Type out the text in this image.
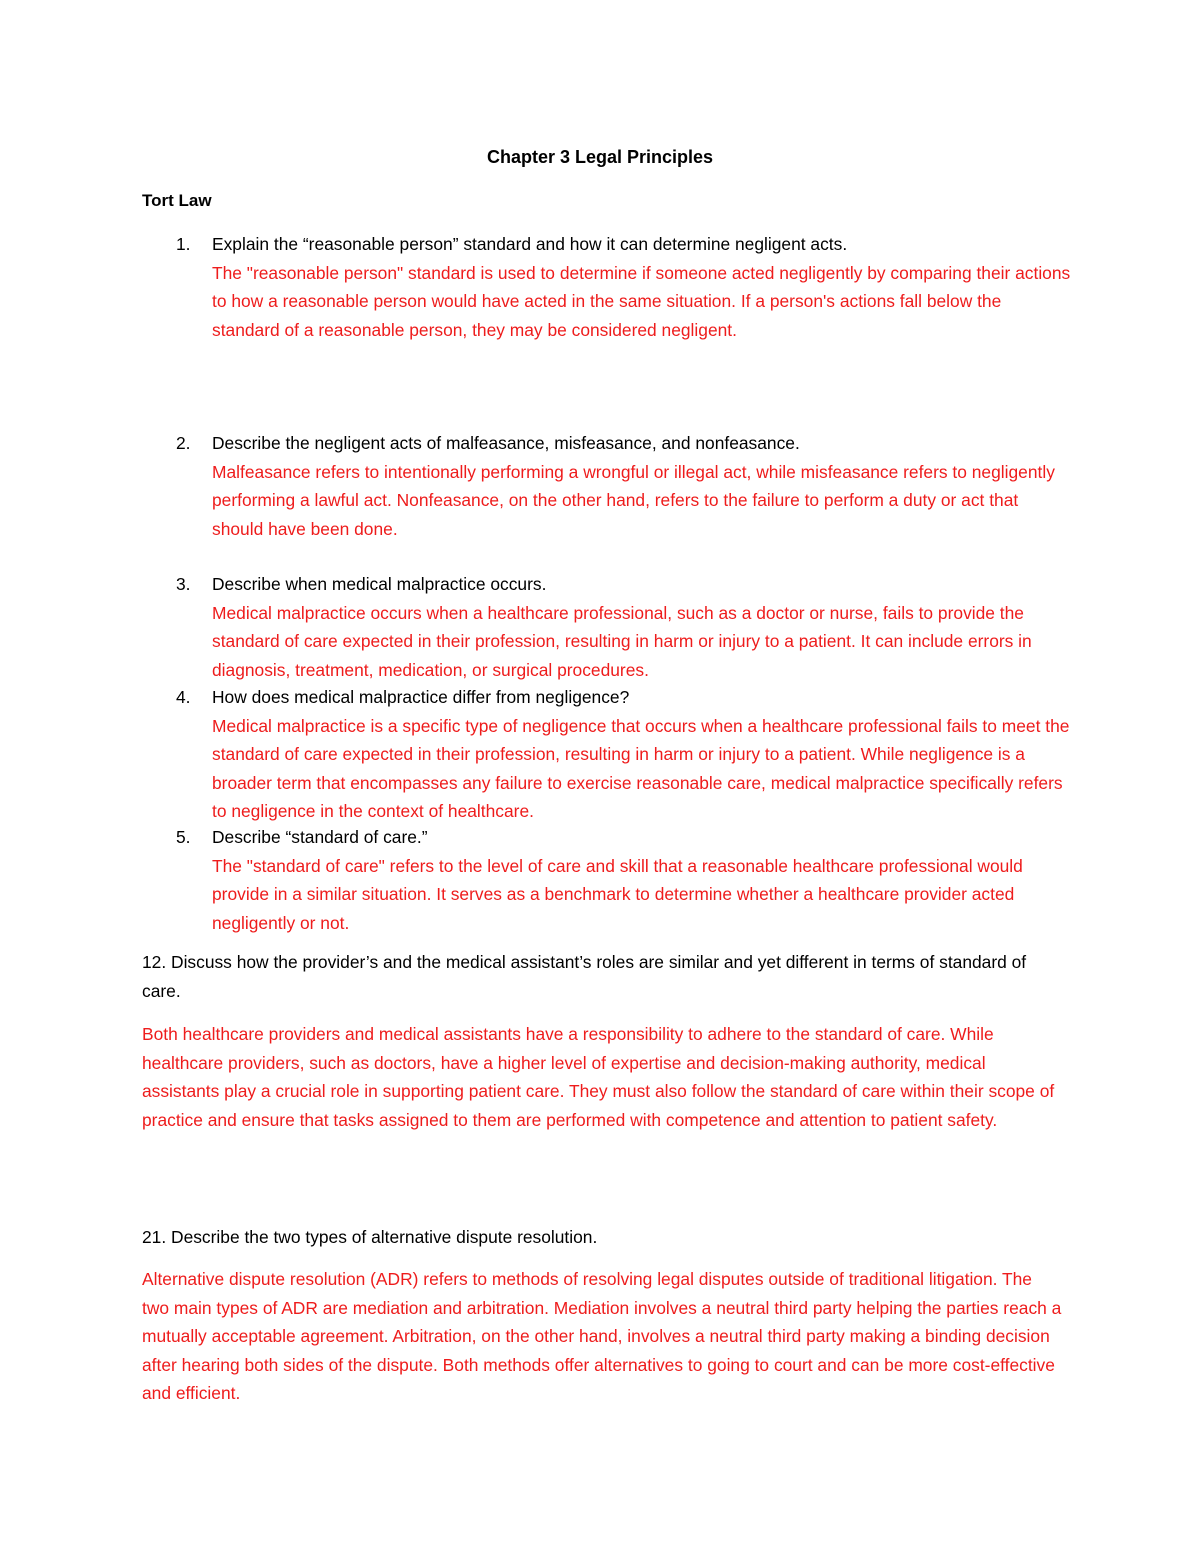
Chapter 3 Legal Principles
Tort Law
1. Explain the “reasonable person” standard and how it can determine negligent acts.
The "reasonable person" standard is used to determine if someone acted negligently by comparing their actions to how a reasonable person would have acted in the same situation. If a person's actions fall below the standard of a reasonable person, they may be considered negligent.
2. Describe the negligent acts of malfeasance, misfeasance, and nonfeasance.
Malfeasance refers to intentionally performing a wrongful or illegal act, while misfeasance refers to negligently performing a lawful act. Nonfeasance, on the other hand, refers to the failure to perform a duty or act that should have been done.
3. Describe when medical malpractice occurs.
Medical malpractice occurs when a healthcare professional, such as a doctor or nurse, fails to provide the standard of care expected in their profession, resulting in harm or injury to a patient. It can include errors in diagnosis, treatment, medication, or surgical procedures.
4. How does medical malpractice differ from negligence?
Medical malpractice is a specific type of negligence that occurs when a healthcare professional fails to meet the standard of care expected in their profession, resulting in harm or injury to a patient. While negligence is a broader term that encompasses any failure to exercise reasonable care, medical malpractice specifically refers to negligence in the context of healthcare.
5. Describe “standard of care.”
The "standard of care" refers to the level of care and skill that a reasonable healthcare professional would provide in a similar situation. It serves as a benchmark to determine whether a healthcare provider acted negligently or not.

12. Discuss how the provider’s and the medical assistant’s roles are similar and yet different in terms of standard of care.

Both healthcare providers and medical assistants have a responsibility to adhere to the standard of care. While healthcare providers, such as doctors, have a higher level of expertise and decision-making authority, medical assistants play a crucial role in supporting patient care. They must also follow the standard of care within their scope of practice and ensure that tasks assigned to them are performed with competence and attention to patient safety.

21. Describe the two types of alternative dispute resolution.

Alternative dispute resolution (ADR) refers to methods of resolving legal disputes outside of traditional litigation. The two main types of ADR are mediation and arbitration. Mediation involves a neutral third party helping the parties reach a mutually acceptable agreement. Arbitration, on the other hand, involves a neutral third party making a binding decision after hearing both sides of the dispute. Both methods offer alternatives to going to court and can be more cost-effective and efficient.
